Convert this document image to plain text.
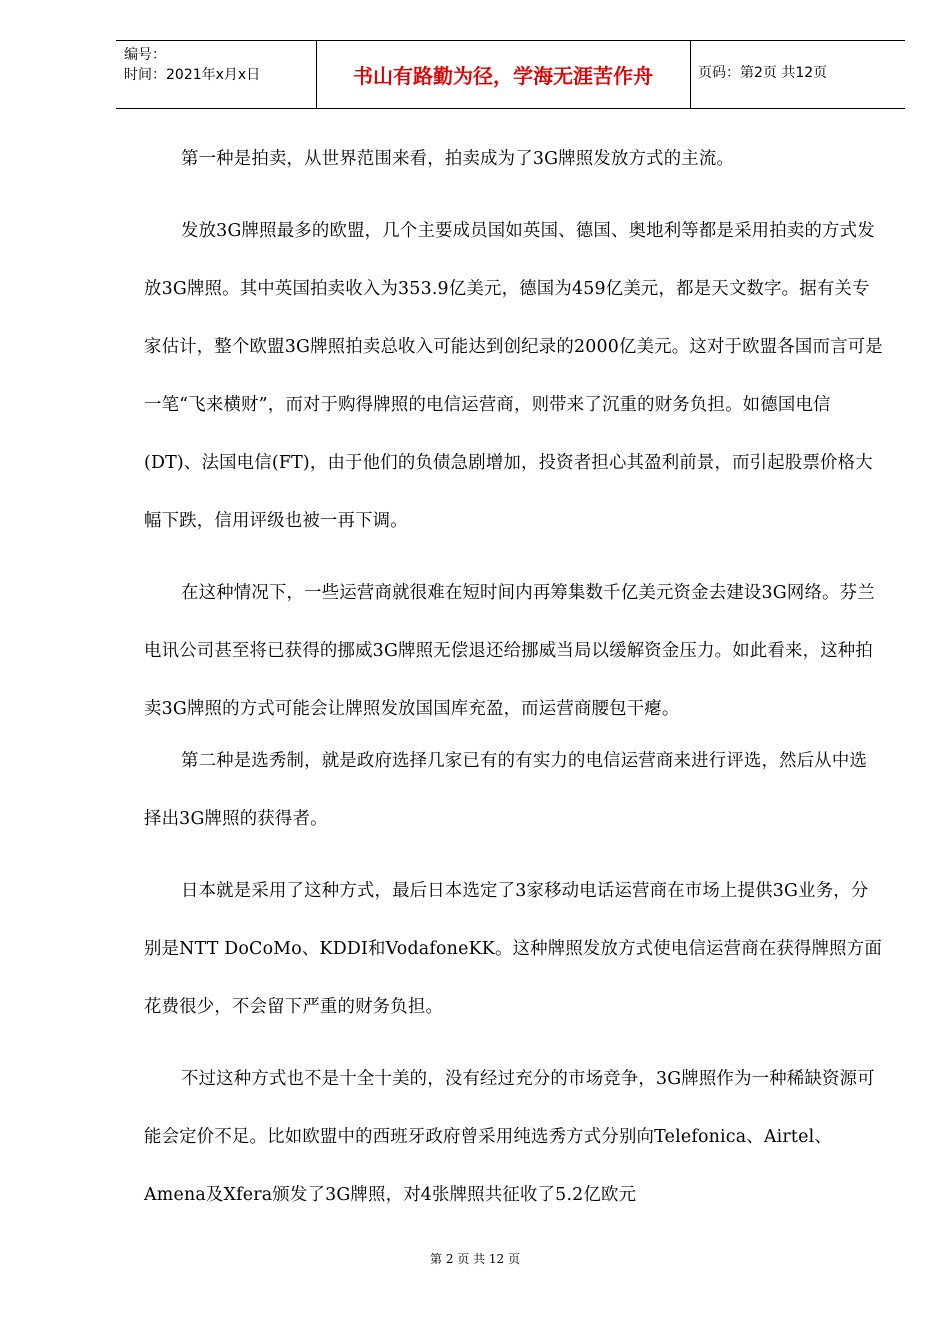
编号：
时间：2021年x月x日	书山有路勤为径，学海无涯苦作舟	页码：第2页 共12页

第一种是拍卖，从世界范围来看，拍卖成为了3G牌照发放方式的主流。

发放3G牌照最多的欧盟，几个主要成员国如英国、德国、奥地利等都是采用拍卖的方式发放3G牌照。其中英国拍卖收入为353.9亿美元，德国为459亿美元，都是天文数字。据有关专家估计，整个欧盟3G牌照拍卖总收入可能达到创纪录的2000亿美元。这对于欧盟各国而言可是一笔“飞来横财”，而对于购得牌照的电信运营商，则带来了沉重的财务负担。如德国电信(DT)、法国电信(FT)，由于他们的负债急剧增加，投资者担心其盈利前景，而引起股票价格大幅下跌，信用评级也被一再下调。

在这种情况下，一些运营商就很难在短时间内再筹集数千亿美元资金去建设3G网络。芬兰电讯公司甚至将已获得的挪威3G牌照无偿退还给挪威当局以缓解资金压力。如此看来，这种拍卖3G牌照的方式可能会让牌照发放国国库充盈，而运营商腰包干瘪。

第二种是选秀制，就是政府选择几家已有的有实力的电信运营商来进行评选，然后从中选择出3G牌照的获得者。

日本就是采用了这种方式，最后日本选定了3家移动电话运营商在市场上提供3G业务，分别是NTT DoCoMo、KDDI和VodafoneKK。这种牌照发放方式使电信运营商在获得牌照方面花费很少，不会留下严重的财务负担。

不过这种方式也不是十全十美的，没有经过充分的市场竞争，3G牌照作为一种稀缺资源可能会定价不足。比如欧盟中的西班牙政府曾采用纯选秀方式分别向Telefonica、Airtel、Amena及Xfera颁发了3G牌照，对4张牌照共征收了5.2亿欧元

第 2 页 共 12 页
